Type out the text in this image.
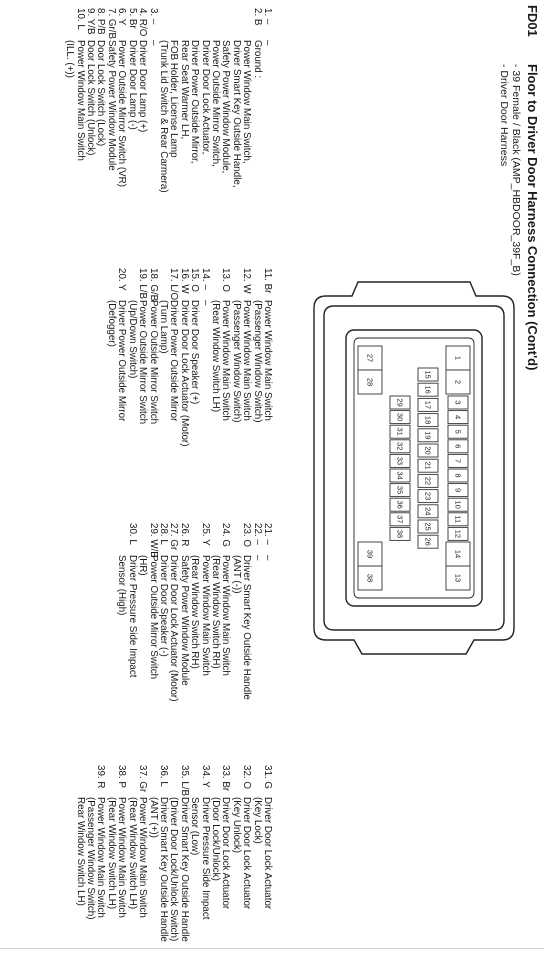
FD01
Floor to Driver Door Harness Connection (Cont'd)
- 39 Female / Black (AMP_HBDOOR_39F_B)
- Driver Door Harness
1
2
13
14
27
28
38
39
3
4
5
6
7
8
9
10
11
12
15
16
17
18
19
20
21
22
23
24
25
26
29
30
31
32
33
34
35
36
37
38
1. –
–
2. B
Ground :
Power Window Main Switch,
Driver Smart Key Outside Handle,
Safety Power Window Module,
Power Outside Mirror Switch,
Driver Door Lock Actuator,
Driver Power Outside Mirror,
Rear Seat Warmer LH,
FOB Holder, License Lamp
(Trunk Lid Switch & Rear Carmera)
3. –
–
4. R/O
Driver Door Lamp (+)
5. Br
Driver Door Lamp (-)
6. Y
Power Outside Mirror Switch (VR)
7. Gr/B
Safety Power Window Module
8. P/B
Door Lock Switch (Lock)
9. Y/B
Door Lock Switch (Unlock)
10. L
Power Window Main Switch
(ILL. (+))
11. Br
Power Window Main Switch
(Passenger Window Switch)
12. W
Power Window Main Switch
(Passenger Window Switch)
13. O
Power Window Main Switch
(Rear Window Switch LH)
14. –
–
15. O
Driver Door Speaker (+)
16. W
Driver Door Lock Actuator (Motor)
17. L/O
Driver Power Outside Mirror
(Turn Lamp)
18. G/B
Power Outside Mirror Switch
19. L/B
Power Outside Mirror Switch
(Up/Down Switch)
20. Y
Driver Power Outside Mirror
(Defogger)
21. –
–
22. –
–
23. O
Driver Smart Key Outside Handle
(ANT (-))
24. G
Power Window Main Switch
(Rear Window Switch RH)
25. Y
Power Window Main Switch
(Rear Window Switch RH)
26. R
Safety Power Window Module
27. Gr
Driver Door Lock Actuator (Motor)
28. L
Driver Door Speaker (-)
29. W/B
Power Outside Mirror Switch
(HR)
30. L
Driver Pressure Side Impact
Sensor (High)
31. G
Driver Door Lock Actuator
(Key Lock)
32. O
Driver Door Lock Actuator
(Key Unlock)
33. Br
Driver Door Lock Actuator
(Door Lock/Unlock)
34. Y
Driver Pressure Side Impact
Sensor (Low)
35. L/B
Driver Smart Key Outside Handle
(Driver Door Lock/Unlock Switch)
36. L
Driver Smart Key Outside Handle
(ANT (+))
37. Gr
Power Window Main Switch
(Rear Window Switch LH)
38. P
Power Window Main Switch
(Rear Window Switch LH)
39. R
Power Window Main Switch
(Passenger Window Switch)
Rear Window Switch LH)
